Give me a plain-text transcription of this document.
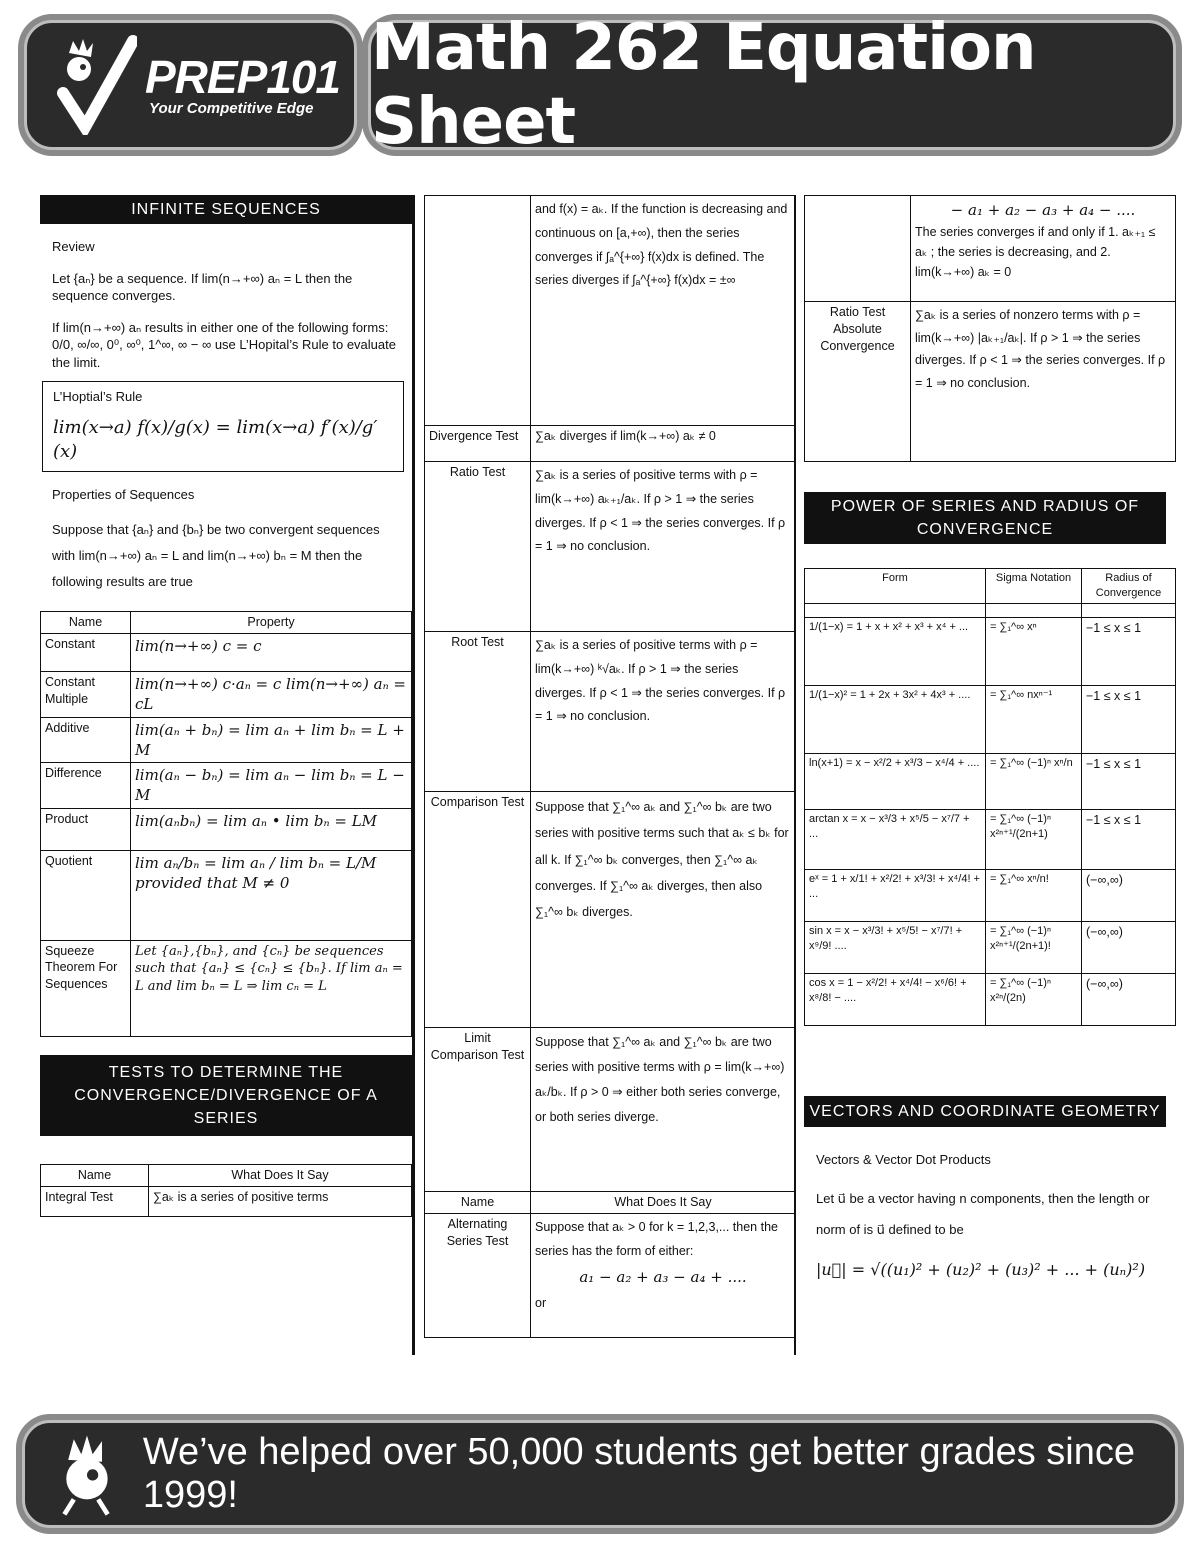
PREP101
Your Competitive Edge
Math 262 Equation Sheet
INFINITE SEQUENCES
Review
Let {aₙ} be a sequence. If lim(n→+∞) aₙ = L then the sequence converges.
If lim(n→+∞) aₙ results in either one of the following forms: 0/0, ∞/∞, 0⁰, ∞⁰, 1^∞, ∞ − ∞ use L’Hopital’s Rule to evaluate the limit.
L’Hoptial’s Rule
lim(x→a) f(x)/g(x) = lim(x→a) f′(x)/g′(x)
Properties of Sequences
Suppose that {aₙ} and {bₙ} be two convergent sequences with lim(n→+∞) aₙ = L and lim(n→+∞) bₙ = M then the following results are true
Name	Property
Constant	lim(n→+∞) c = c
Constant Multiple	lim(n→+∞) c·aₙ = c lim(n→+∞) aₙ = cL
Additive	lim(aₙ + bₙ) = lim aₙ + lim bₙ = L + M
Difference	lim(aₙ − bₙ) = lim aₙ − lim bₙ = L − M
Product	lim(aₙbₙ) = lim aₙ • lim bₙ = LM
Quotient	lim aₙ/bₙ = lim aₙ / lim bₙ = L/M provided that M ≠ 0
Squeeze Theorem For Sequences	Let {aₙ},{bₙ}, and {cₙ} be sequences such that {aₙ} ≤ {cₙ} ≤ {bₙ}. If lim aₙ = L and lim bₙ = L ⇒ lim cₙ = L
TESTS TO DETERMINE THE CONVERGENCE/DIVERGENCE OF A SERIES
Name	What Does It Say
Integral Test	∑aₖ is a series of positive terms
	and f(x) = aₖ. If the function is decreasing and continuous on [a,+∞), then the series converges if ∫ₐ^{+∞} f(x)dx is defined. The series diverges if ∫ₐ^{+∞} f(x)dx = ±∞
Divergence Test	∑aₖ diverges if lim(k→+∞) aₖ ≠ 0
Ratio Test	∑aₖ is a series of positive terms with ρ = lim(k→+∞) aₖ₊₁/aₖ. If ρ > 1 ⇒ the series diverges. If ρ < 1 ⇒ the series converges. If ρ = 1 ⇒ no conclusion.
Root Test	∑aₖ is a series of positive terms with ρ = lim(k→+∞) ᵏ√aₖ. If ρ > 1 ⇒ the series diverges. If ρ < 1 ⇒ the series converges. If ρ = 1 ⇒ no conclusion.
Comparison Test	Suppose that ∑₁^∞ aₖ and ∑₁^∞ bₖ are two series with positive terms such that aₖ ≤ bₖ for all k. If ∑₁^∞ bₖ converges, then ∑₁^∞ aₖ converges. If ∑₁^∞ aₖ diverges, then also ∑₁^∞ bₖ diverges.
Limit Comparison Test	Suppose that ∑₁^∞ aₖ and ∑₁^∞ bₖ are two series with positive terms with ρ = lim(k→+∞) aₖ/bₖ. If ρ > 0 ⇒ either both series converge, or both series diverge.
Name	What Does It Say
Alternating Series Test	Suppose that aₖ > 0 for k = 1,2,3,... then the series has the form of either:
a₁ − a₂ + a₃ − a₄ + ....
or

	− a₁ + a₂ − a₃ + a₄ − ....
The series converges if and only if 1. aₖ₊₁ ≤ aₖ ; the series is decreasing, and 2. lim(k→+∞) aₖ = 0

Ratio Test Absolute Convergence	∑aₖ is a series of nonzero terms with ρ = lim(k→+∞) |aₖ₊₁/aₖ|. If ρ > 1 ⇒ the series diverges. If ρ < 1 ⇒ the series converges. If ρ = 1 ⇒ no conclusion.
POWER OF SERIES AND RADIUS OF CONVERGENCE
Form	Sigma Notation	Radius of Convergence

1/(1−x) = 1 + x + x² + x³ + x⁴ + ...	= ∑₁^∞ xⁿ	−1 ≤ x ≤ 1
1/(1−x)² = 1 + 2x + 3x² + 4x³ + ....	= ∑₁^∞ nxⁿ⁻¹	−1 ≤ x ≤ 1
ln(x+1) = x − x²/2 + x³/3 − x⁴/4 + ....	= ∑₁^∞ (−1)ⁿ xⁿ/n	−1 ≤ x ≤ 1
arctan x = x − x³/3 + x⁵/5 − x⁷/7 + ...	= ∑₁^∞ (−1)ⁿ x²ⁿ⁺¹/(2n+1)	−1 ≤ x ≤ 1
eˣ = 1 + x/1! + x²/2! + x³/3! + x⁴/4! + ...	= ∑₁^∞ xⁿ/n!	(−∞,∞)
sin x = x − x³/3! + x⁵/5! − x⁷/7! + x⁹/9! ....	= ∑₁^∞ (−1)ⁿ x²ⁿ⁺¹/(2n+1)!	(−∞,∞)
cos x = 1 − x²/2! + x⁴/4! − x⁶/6! + x⁸/8! − ....	= ∑₁^∞ (−1)ⁿ x²ⁿ/(2n)	(−∞,∞)
VECTORS AND COORDINATE GEOMETRY
Vectors & Vector Dot Products
Let u⃗ be a vector having n components, then the length or norm of is u⃗ defined to be
|u⃗| = √((u₁)² + (u₂)² + (u₃)² + ... + (uₙ)²)
We’ve helped over 50,000 students get better grades since 1999!
